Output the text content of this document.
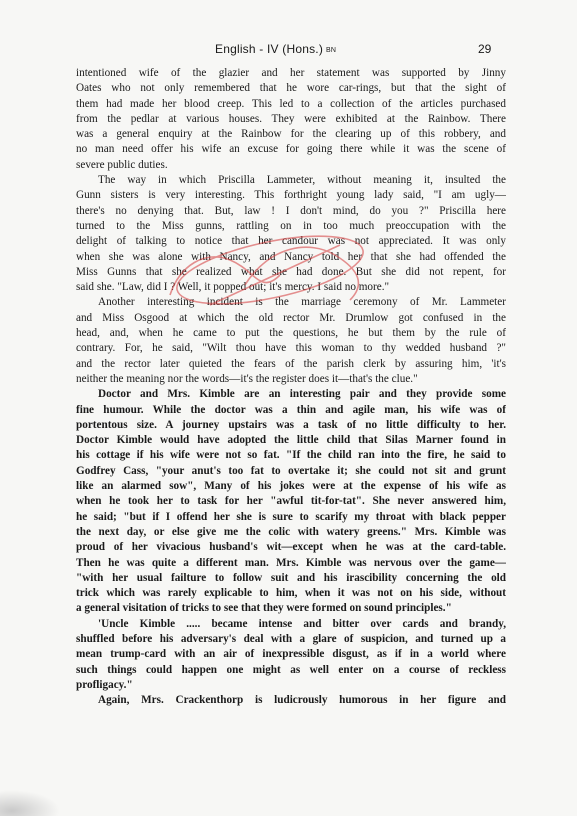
English - IV (Hons.) BN	29
intentioned wife of the glazier and her statement was supported by Jinny
Oates who not only remembered that he wore car-rings, but that the sight of
them had made her blood creep. This led to a collection of the articles purchased
from the pedlar at various houses. They were exhibited at the Rainbow. There
was a general enquiry at the Rainbow for the clearing up of this robbery, and
no man need offer his wife an excuse for going there while it was the scene of
severe public duties.
The way in which Priscilla Lammeter, without meaning it, insulted the
Gunn sisters is very interesting. This forthright young lady said, "I am ugly—
there's no denying that. But, law ! I don't mind, do you ?" Priscilla here
turned to the Miss gunns, rattling on in too much preoccupation with the
delight of talking to notice that her candour was not appreciated. It was only
when she was alone with Nancy, and Nancy told her that she had offended the
Miss Gunns that she realized what she had done. But she did not repent, for
said she. "Law, did I ? Well, it popped out; it's mercy. I said no more."
Another interesting incident is the marriage ceremony of Mr. Lammeter
and Miss Osgood at which the old rector Mr. Drumlow got confused in the
head, and, when he came to put the questions, he but them by the rule of
contrary. For, he said, "Wilt thou have this woman to thy wedded husband ?"
and the rector later quieted the fears of the parish clerk by assuring him, 'it's
neither the meaning nor the words—it's the register does it—that's the clue."
Doctor and Mrs. Kimble are an interesting pair and they provide some
fine humour. While the doctor was a thin and agile man, his wife was of
portentous size. A journey upstairs was a task of no little difficulty to her.
Doctor Kimble would have adopted the little child that Silas Marner found in
his cottage if his wife were not so fat. "If the child ran into the fire, he said to
Godfrey Cass, "your anut's too fat to overtake it; she could not sit and grunt
like an alarmed sow", Many of his jokes were at the expense of his wife as
when he took her to task for her "awful tit-for-tat". She never answered him,
he said; "but if I offend her she is sure to scarify my throat with black pepper
the next day, or else give me the colic with watery greens." Mrs. Kimble was
proud of her vivacious husband's wit—except when he was at the card-table.
Then he was quite a different man. Mrs. Kimble was nervous over the game—
"with her usual failture to follow suit and his irascibility concerning the old
trick which was rarely explicable to him, when it was not on his side, without
a general visitation of tricks to see that they were formed on sound principles."
'Uncle Kimble ..... became intense and bitter over cards and brandy,
shuffled before his adversary's deal with a glare of suspicion, and turned up a
mean trump-card with an air of inexpressible disgust, as if in a world where
such things could happen one might as well enter on a course of reckless
profligacy."
Again, Mrs. Crackenthorp is ludicrously humorous in her figure and
